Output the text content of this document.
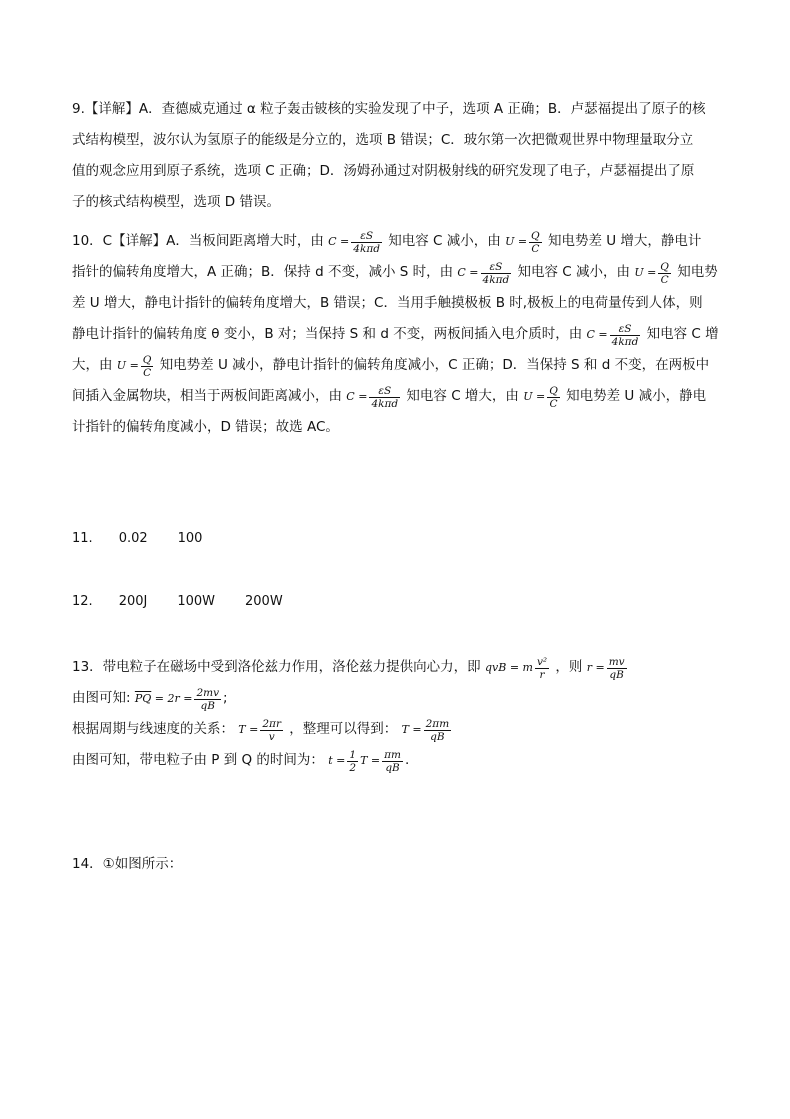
9.【详解】A．查德威克通过 α 粒子轰击铍核的实验发现了中子，选项 A 正确；B．卢瑟福提出了原子的核
式结构模型，波尔认为氢原子的能级是分立的，选项 B 错误；C．玻尔第一次把微观世界中物理量取分立
值的观念应用到原子系统，选项 C 正确；D．汤姆孙通过对阴极射线的研究发现了电子，卢瑟福提出了原
子的核式结构模型，选项 D 错误。
10．C【详解】A．当板间距离增大时，由 $C = \frac{\varepsilon S}{\text{4kπd}}$ 知电容 C 减小，由 $U = \frac{Q}{C}$ 知电势差 U 增大，静电计
指针的偏转角度增大，A 正确；B．保持 d 不变，减小 S 时，由 $C = \frac{\varepsilon S}{\text{4kπd}}$ 知电容 C 减小，由 $U = \frac{Q}{C}$ 知电势
差 U 增大，静电计指针的偏转角度增大，B 错误；C．当用手触摸极板 B 时,极板上的电荷量传到人体，则
静电计指针的偏转角度 θ 变小，B 对；当保持 S 和 d 不变，两板间插入电介质时，由 $C = \frac{\varepsilon S}{\text{4kπd}}$ 知电容 C 增
大，由 $U = \frac{Q}{C}$ 知电势差 U 减小，静电计指针的偏转角度减小，C 正确；D．当保持 S 和 d 不变，在两板中
间插入金属物块，相当于两板间距离减小，由 $C = \frac{\varepsilon S}{\text{4kπd}}$ 知电容 C 增大，由 $U = \frac{Q}{C}$ 知电势差 U 减小，静电
计指针的偏转角度减小，D 错误；故选 AC。
11. 0.02 100
12. 200J 100W 200W
13．带电粒子在磁场中受到洛伦兹力作用，洛伦兹力提供向心力，即 qvB = m $\frac{\text{v²}}{r}$ ，则 $r = \frac{mv}{qB}$
由图可知: $\overline{PQ} = 2r = \frac{2mv}{qB}$ ;
根据周期与线速度的关系： $T = \frac{2\pi r}{v}$ ，整理可以得到： $T = \frac{2\pi m}{qB}$
由图可知，带电粒子由 P 到 Q 的时间为： $t = \frac{1}{2}$ $T = \frac{\pi m}{qB}$ .
14．①如图所示：
